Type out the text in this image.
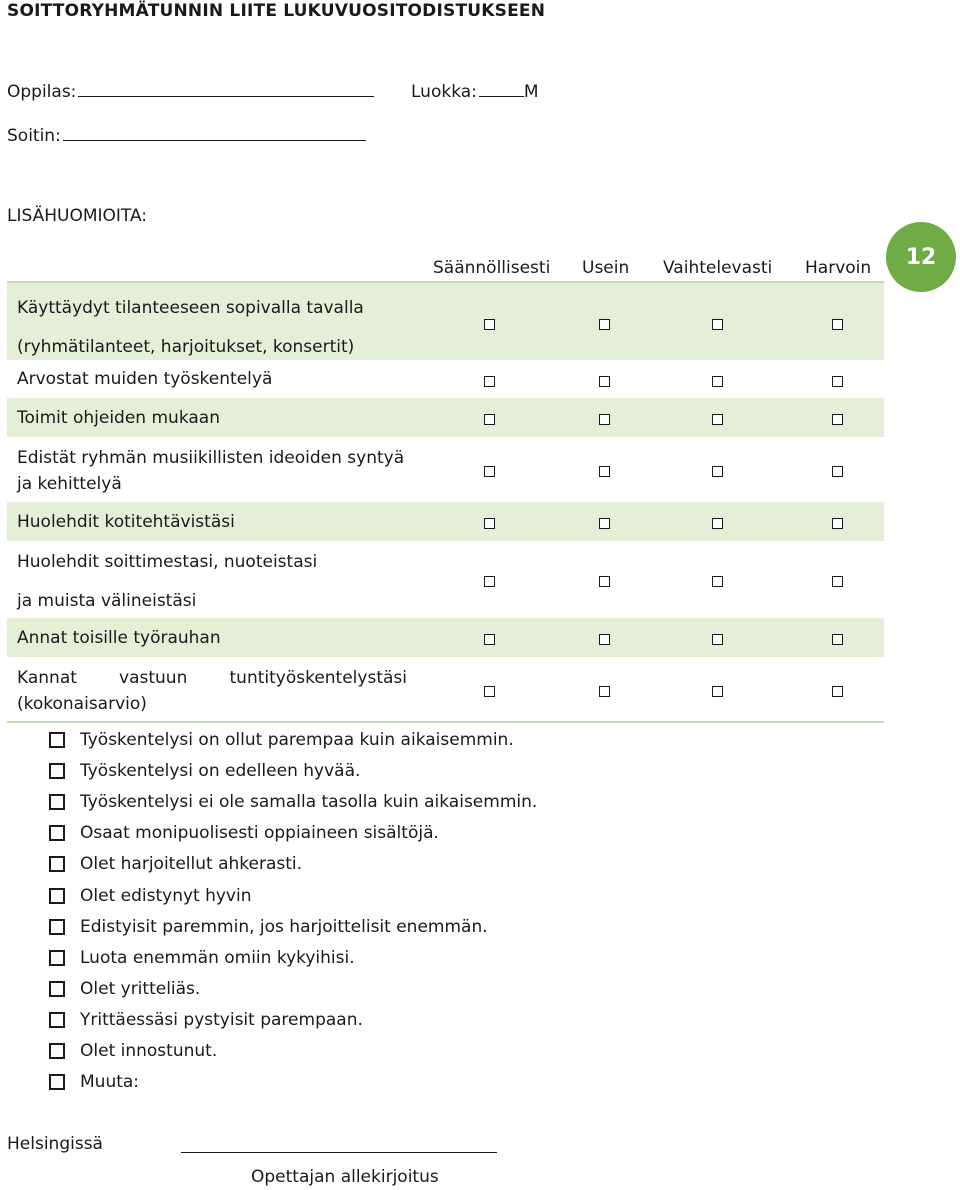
SOITTORYHMÄTUNNIN LIITE LUKUVUOSITODISTUKSEEN
Oppilas:	Luokka:	M
Soitin:
LISÄHUOMIOITA:
12
Säännöllisesti Usein Vaihtelevasti Harvoin
Käyttäydyt tilanteeseen sopivalla tavalla (ryhmätilanteet, harjoitukset, konsertit)
Arvostat muiden työskentelyä
Toimit ohjeiden mukaan
Edistät ryhmän musiikillisten ideoiden syntyä ja kehittelyä
Huolehdit kotitehtävistäsi
Huolehdit soittimestasi, nuoteistasi ja muista välineistäsi
Annat toisille työrauhan
Kannat vastuun tuntityöskentelystäsi (kokonaisarvio)
Työskentelysi on ollut parempaa kuin aikaisemmin.
Työskentelysi on edelleen hyvää.
Työskentelysi ei ole samalla tasolla kuin aikaisemmin.
Osaat monipuolisesti oppiaineen sisältöjä.
Olet harjoitellut ahkerasti.
Olet edistynyt hyvin
Edistyisit paremmin, jos harjoittelisit enemmän.
Luota enemmän omiin kykyihisi.
Olet yritteliäs.
Yrittäessäsi pystyisit parempaan.
Olet innostunut.
Muuta:
Helsingissä
Opettajan allekirjoitus
